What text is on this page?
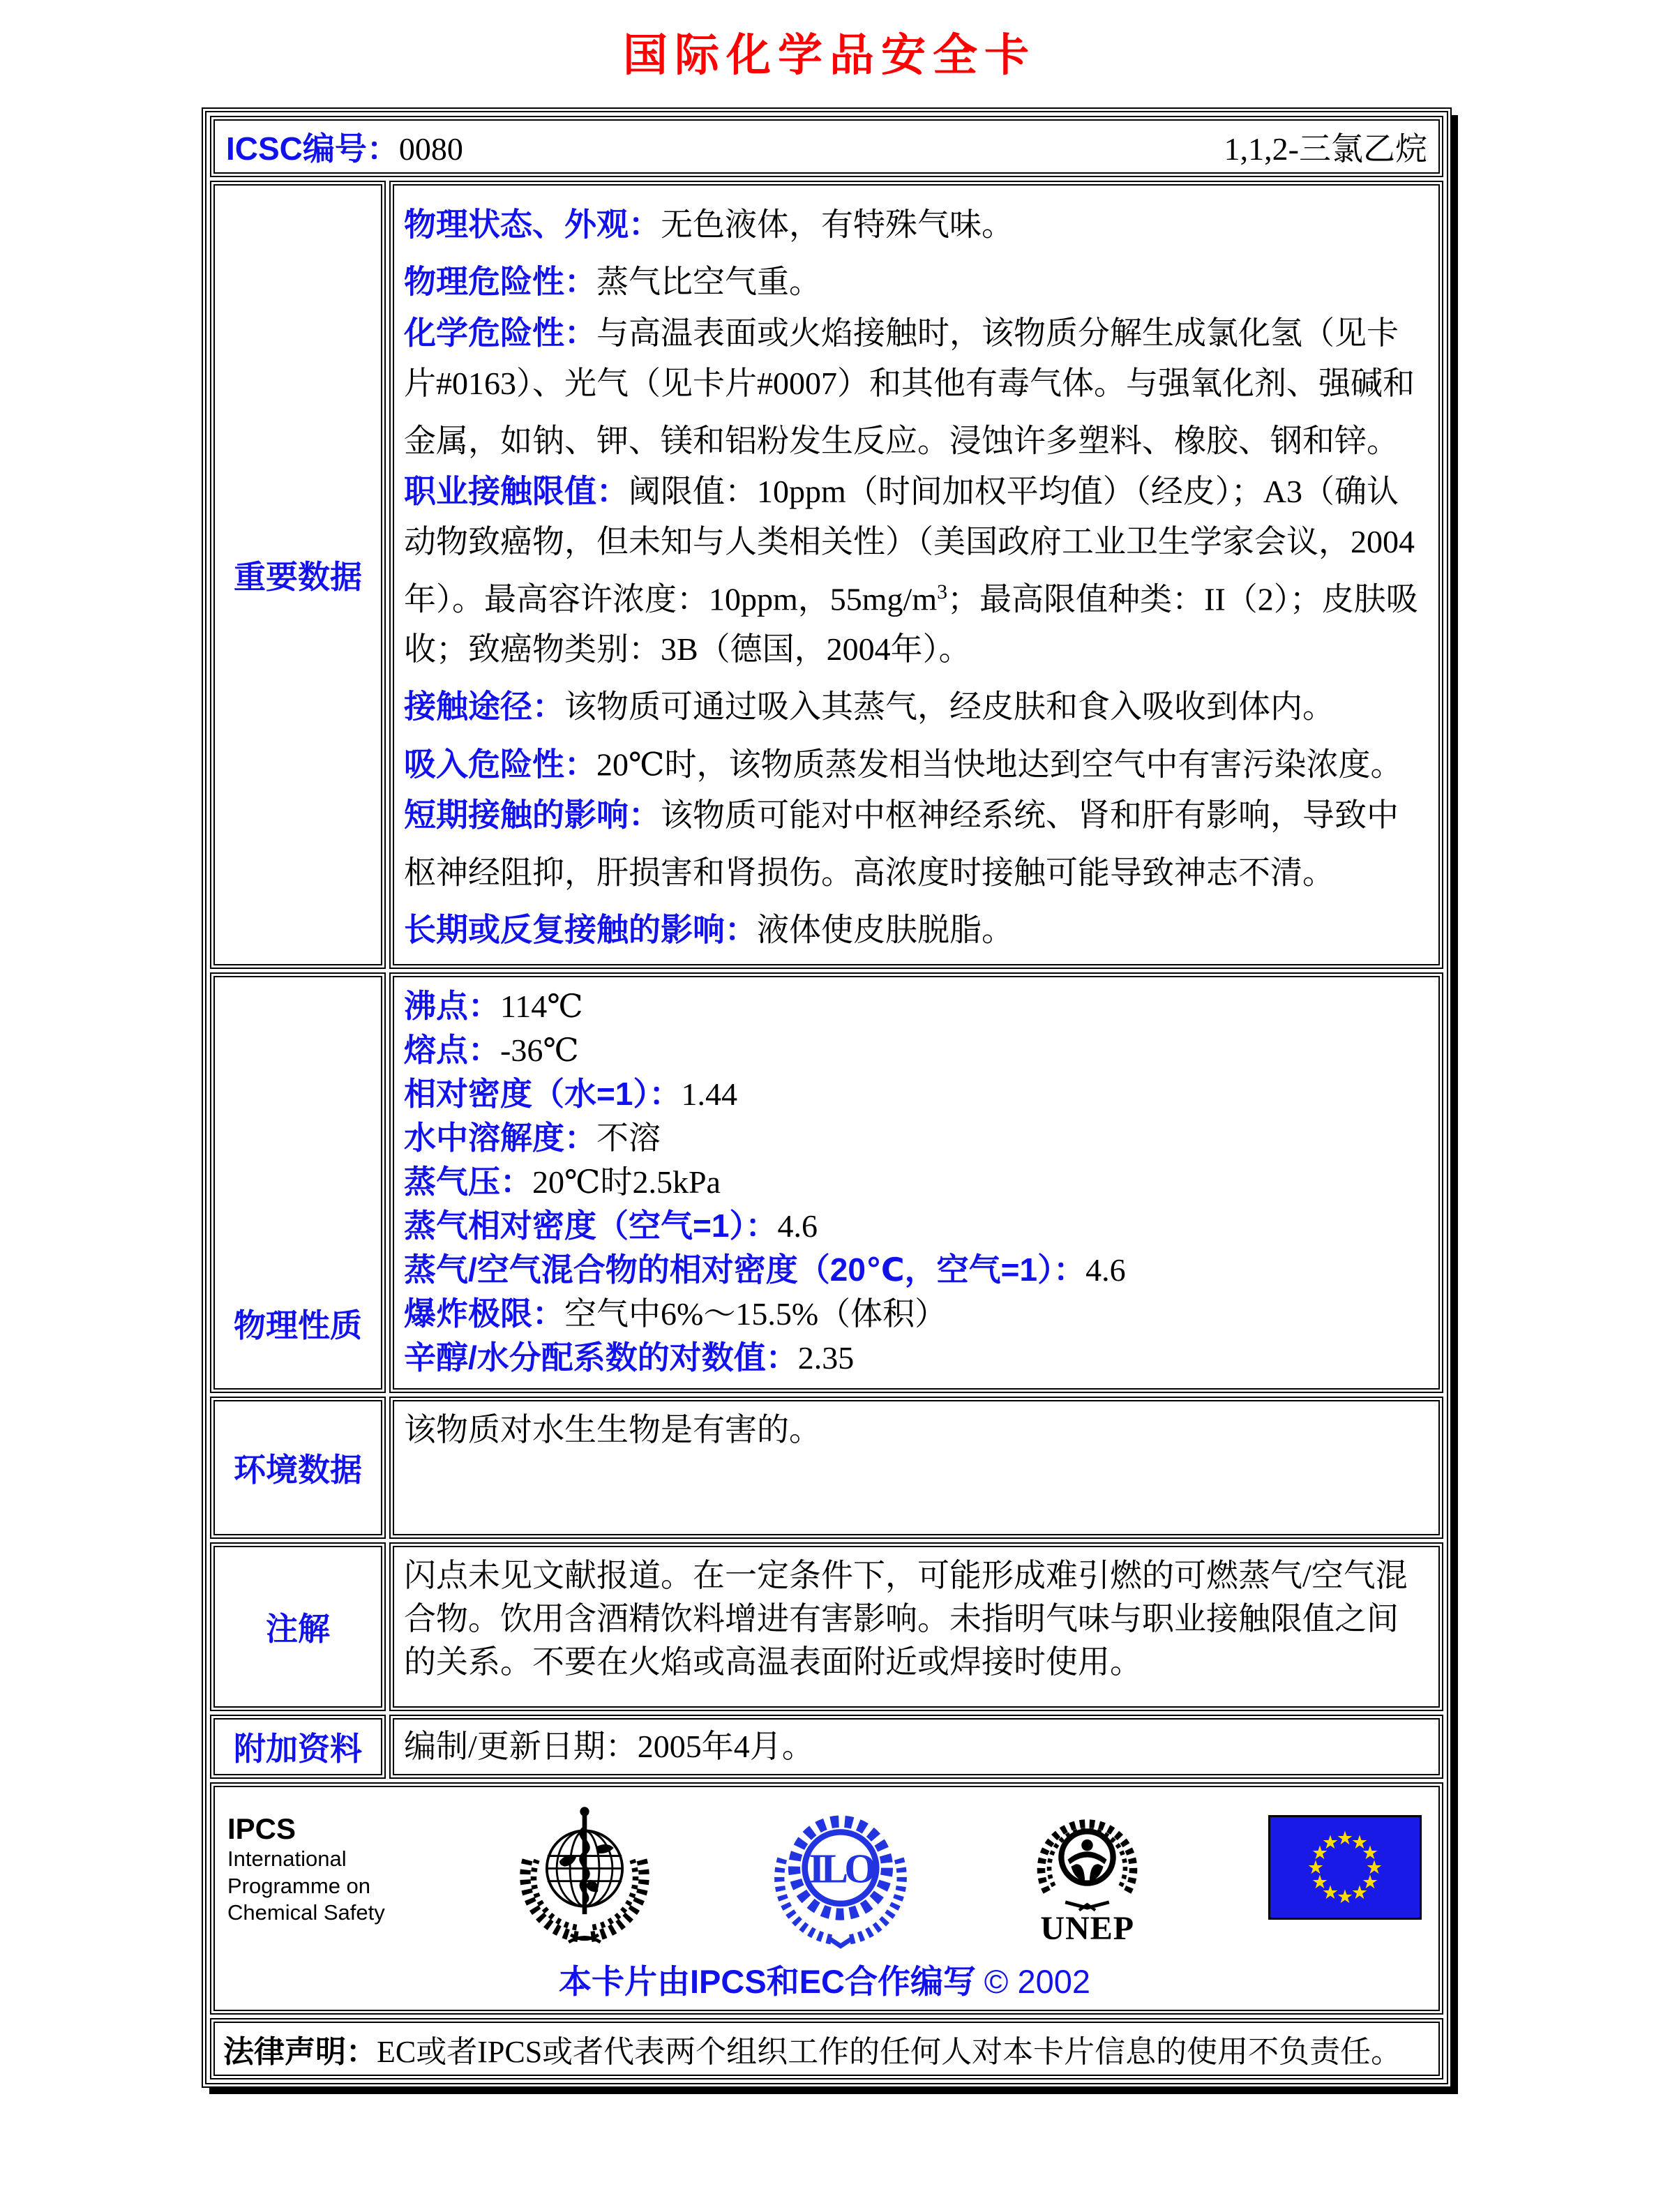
国际化学品安全卡
ICSC编号：0080	1,1,2-三氯乙烷
重要数据
物理状态、外观：无色液体，有特殊气味。
物理危险性：蒸气比空气重。
化学危险性：与高温表面或火焰接触时，该物质分解生成氯化氢（见卡片#0163）、光气（见卡片#0007）和其他有毒气体。与强氧化剂、强碱和金属，如钠、钾、镁和铝粉发生反应。浸蚀许多塑料、橡胶、钢和锌。
职业接触限值：阈限值：10ppm（时间加权平均值）（经皮）；A3（确认动物致癌物，但未知与人类相关性）（美国政府工业卫生学家会议，2004年）。最高容许浓度：10ppm，$55mg/m^3$；最高限值种类：II（2）；皮肤吸收；致癌物类别：3B（德国，2004年）。
接触途径：该物质可通过吸入其蒸气，经皮肤和食入吸收到体内。
吸入危险性：20℃时，该物质蒸发相当快地达到空气中有害污染浓度。
短期接触的影响：该物质可能对中枢神经系统、肾和肝有影响，导致中枢神经阻抑，肝损害和肾损伤。高浓度时接触可能导致神志不清。
长期或反复接触的影响：液体使皮肤脱脂。
物理性质
沸点：114℃
熔点：-36℃
相对密度（水=1）：1.44
水中溶解度：不溶
蒸气压：20℃时2.5kPa
蒸气相对密度（空气=1）：4.6
蒸气/空气混合物的相对密度（20℃，空气=1）：4.6
爆炸极限：空气中6%～15.5%（体积）
辛醇/水分配系数的对数值：2.35
环境数据
该物质对水生生物是有害的。
注解
闪点未见文献报道。在一定条件下，可能形成难引燃的可燃蒸气/空气混合物。饮用含酒精饮料增进有害影响。未指明气味与职业接触限值之间的关系。不要在火焰或高温表面附近或焊接时使用。
附加资料	编制/更新日期：2005年4月。
IPCS
International
Programme on
Chemical Safety
ILO
UNEP
★
★
★
★
★
★
★
★
★
★
★
★
本卡片由IPCS和EC合作编写 © 2002
法律声明：EC或者IPCS或者代表两个组织工作的任何人对本卡片信息的使用不负责任。
